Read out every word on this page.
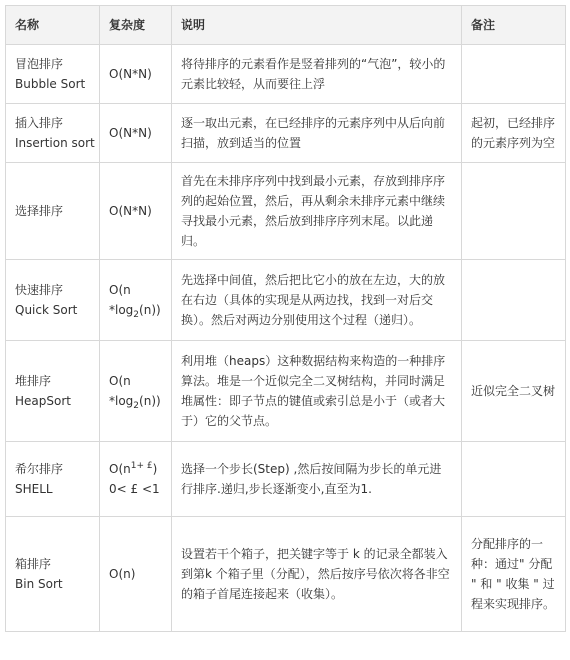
名称	复杂度	说明	备注

冒泡排序
Bubble Sort	O(N*N)	将待排序的元素看作是竖着排列的“气泡”，较小的元素比较轻，从而要往上浮	

插入排序
Insertion sort	O(N*N)	逐一取出元素，在已经排序的元素序列中从后向前扫描，放到适当的位置	起初，已经排序的元素序列为空

选择排序	O(N*N)	首先在未排序序列中找到最小元素，存放到排序序列的起始位置，然后，再从剩余未排序元素中继续寻找最小元素，然后放到排序序列末尾。以此递归。	

快速排序
Quick Sort	O(n
$*\log_2(n)$)	先选择中间值，然后把比它小的放在左边，大的放在右边（具体的实现是从两边找，找到一对后交换）。然后对两边分别使用这个过程（递归）。	

堆排序
HeapSort	O(n
$*\log_2(n)$)	利用堆（heaps）这种数据结构来构造的一种排序算法。堆是一个近似完全二叉树结构，并同时满足堆属性：即子节点的键值或索引总是小于（或者大于）它的父节点。	近似完全二叉树

希尔排序
SHELL	$O(n^{1+ £})$
0< £ <1	选择一个步长(Step) ,然后按间隔为步长的单元进行排序.递归,步长逐渐变小,直至为1.	

箱排序
Bin Sort	O(n)	设置若干个箱子，把关键字等于 k 的记录全都装入到第k 个箱子里（分配），然后按序号依次将各非空的箱子首尾连接起来（收集）。	分配排序的一种：通过" 分配 " 和 " 收集 " 过程来实现排序。
